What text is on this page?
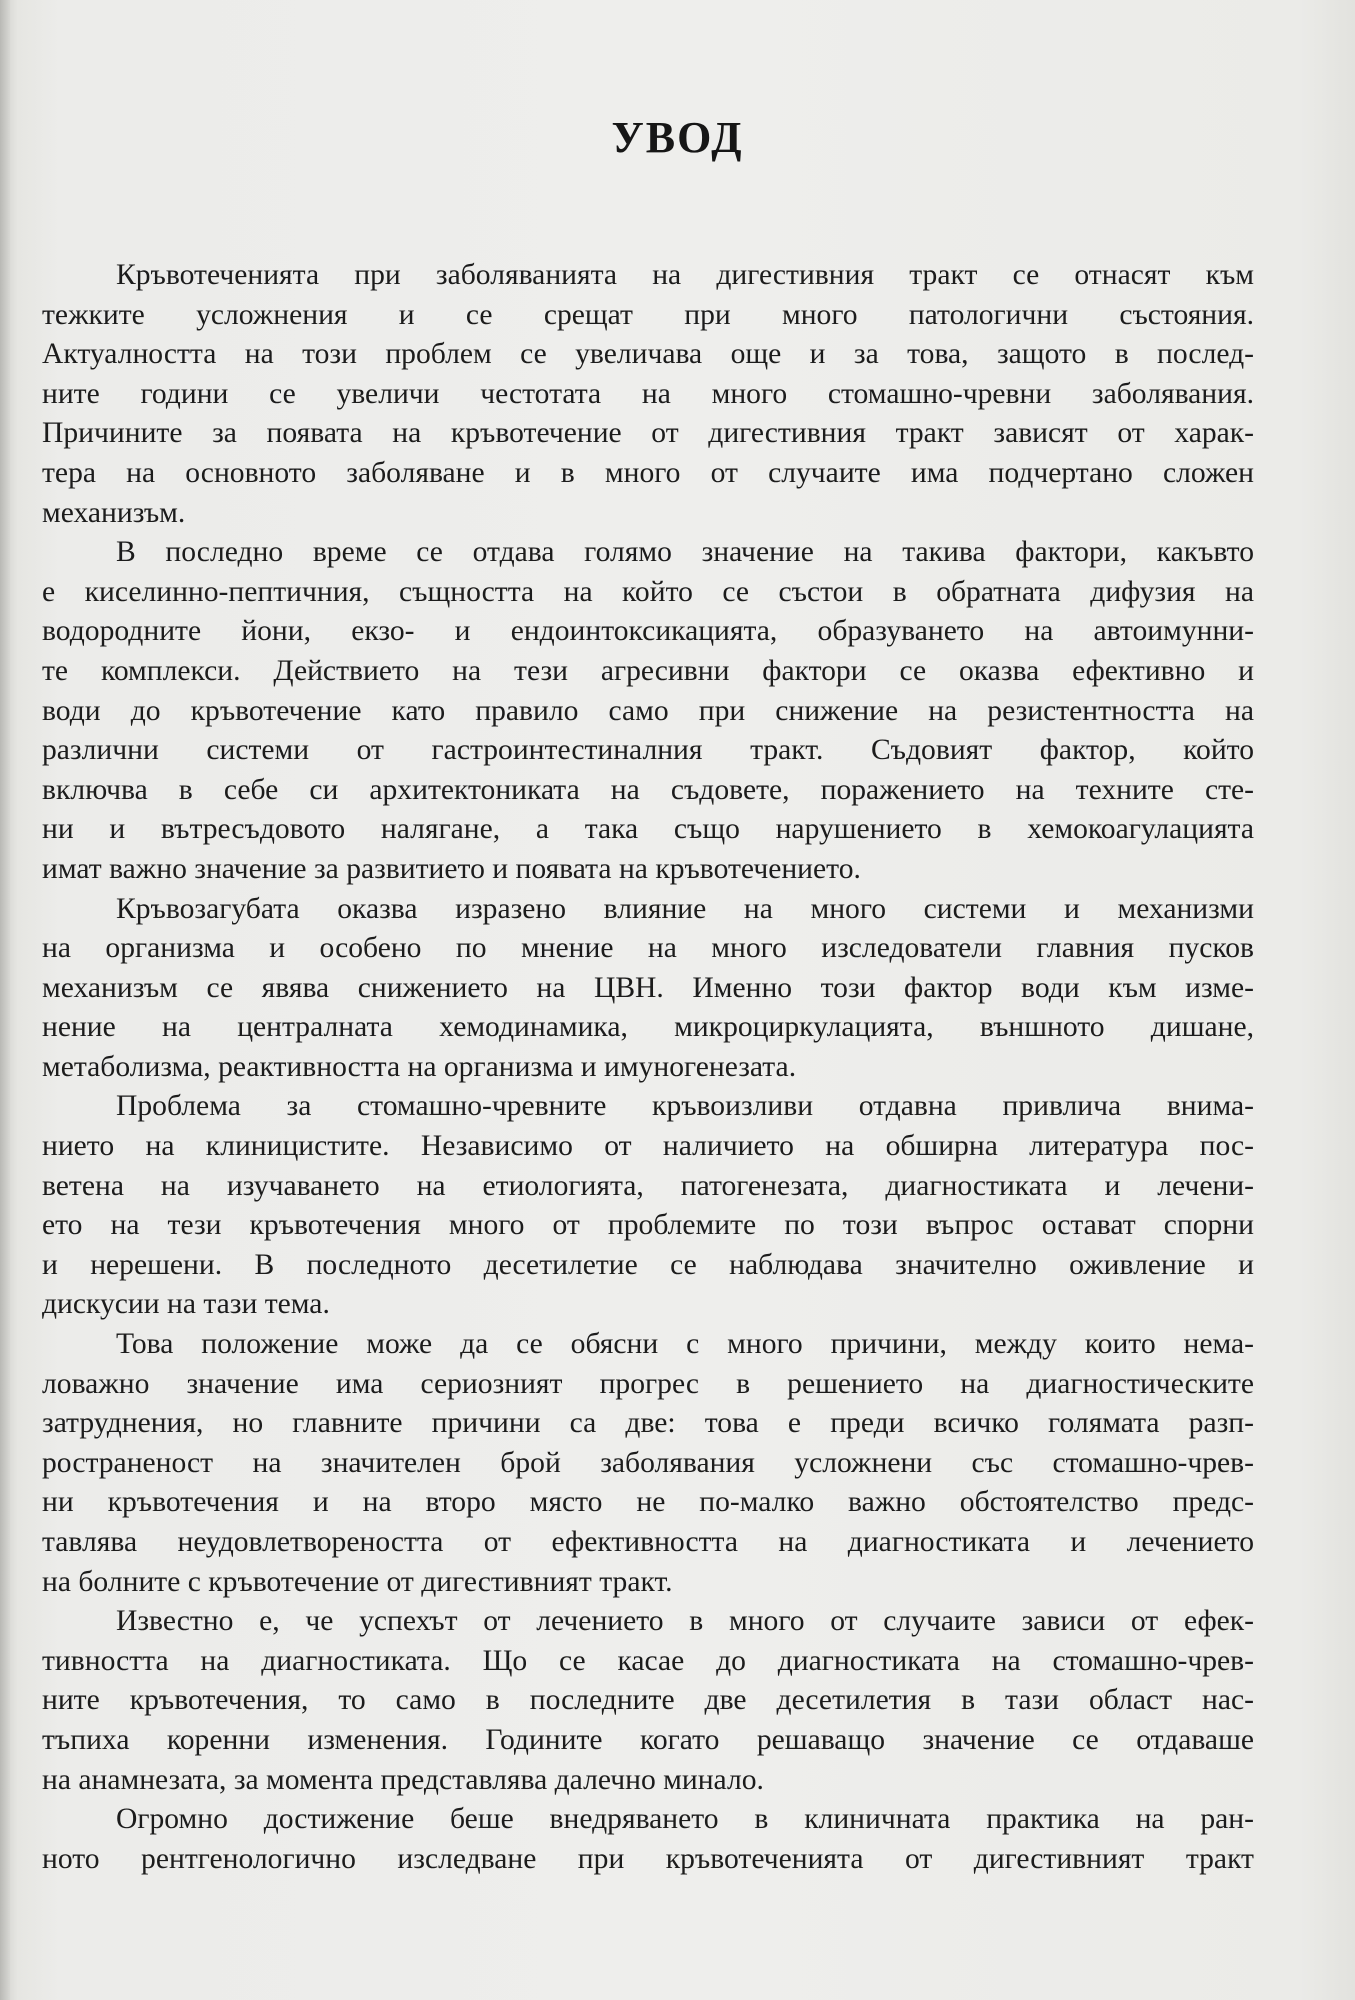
УВОД
Кръвотеченията при заболяванията на дигестивния тракт се отнасят към
тежките усложнения и се срещат при много патологични състояния.
Актуалността на този проблем се увеличава още и за това, защото в послед-
ните години се увеличи честотата на много стомашно-чревни заболявания.
Причините за появата на кръвотечение от дигестивния тракт зависят от харак-
тера на основното заболяване и в много от случаите има подчертано сложен
механизъм.
В последно време се отдава голямо значение на такива фактори, какъвто
е киселинно-пептичния, същността на който се състои в обратната дифузия на
водородните йони, екзо- и ендоинтоксикацията, образуването на автоимунни-
те комплекси. Действието на тези агресивни фактори се оказва ефективно и
води до кръвотечение като правило само при снижение на резистентността на
различни системи от гастроинтестиналния тракт. Съдовият фактор, който
включва в себе си архитектониката на съдовете, поражението на техните сте-
ни и вътресъдовото налягане, а така също нарушението в хемокоагулацията
имат важно значение за развитието и появата на кръвотечението.
Кръвозагубата оказва изразено влияние на много системи и механизми
на организма и особено по мнение на много изследователи главния пусков
механизъм се явява снижението на ЦВН. Именно този фактор води към изме-
нение на централната хемодинамика, микроциркулацията, външното дишане,
метаболизма, реактивността на организма и имуногенезата.
Проблема за стомашно-чревните кръвоизливи отдавна привлича внима-
нието на клиницистите. Независимо от наличието на обширна литература пос-
ветена на изучаването на етиологията, патогенезата, диагностиката и лечени-
ето на тези кръвотечения много от проблемите по този въпрос остават спорни
и нерешени. В последното десетилетие се наблюдава значително оживление и
дискусии на тази тема.
Това положение може да се обясни с много причини, между които нема-
ловажно значение има сериозният прогрес в решението на диагностическите
затруднения, но главните причини са две: това е преди всичко голямата разп-
ространеност на значителен брой заболявания усложнени със стомашно-чрев-
ни кръвотечения и на второ място не по-малко важно обстоятелство предс-
тавлява неудовлетвореността от ефективността на диагностиката и лечението
на болните с кръвотечение от дигестивният тракт.
Известно е, че успехът от лечението в много от случаите зависи от ефек-
тивността на диагностиката. Що се касае до диагностиката на стомашно-чрев-
ните кръвотечения, то само в последните две десетилетия в тази област нас-
тъпиха коренни изменения. Годините когато решаващо значение се отдаваше
на анамнезата, за момента представлява далечно минало.
Огромно достижение беше внедряването в клиничната практика на ран-
ното рентгенологично изследване при кръвотеченията от дигестивният тракт
